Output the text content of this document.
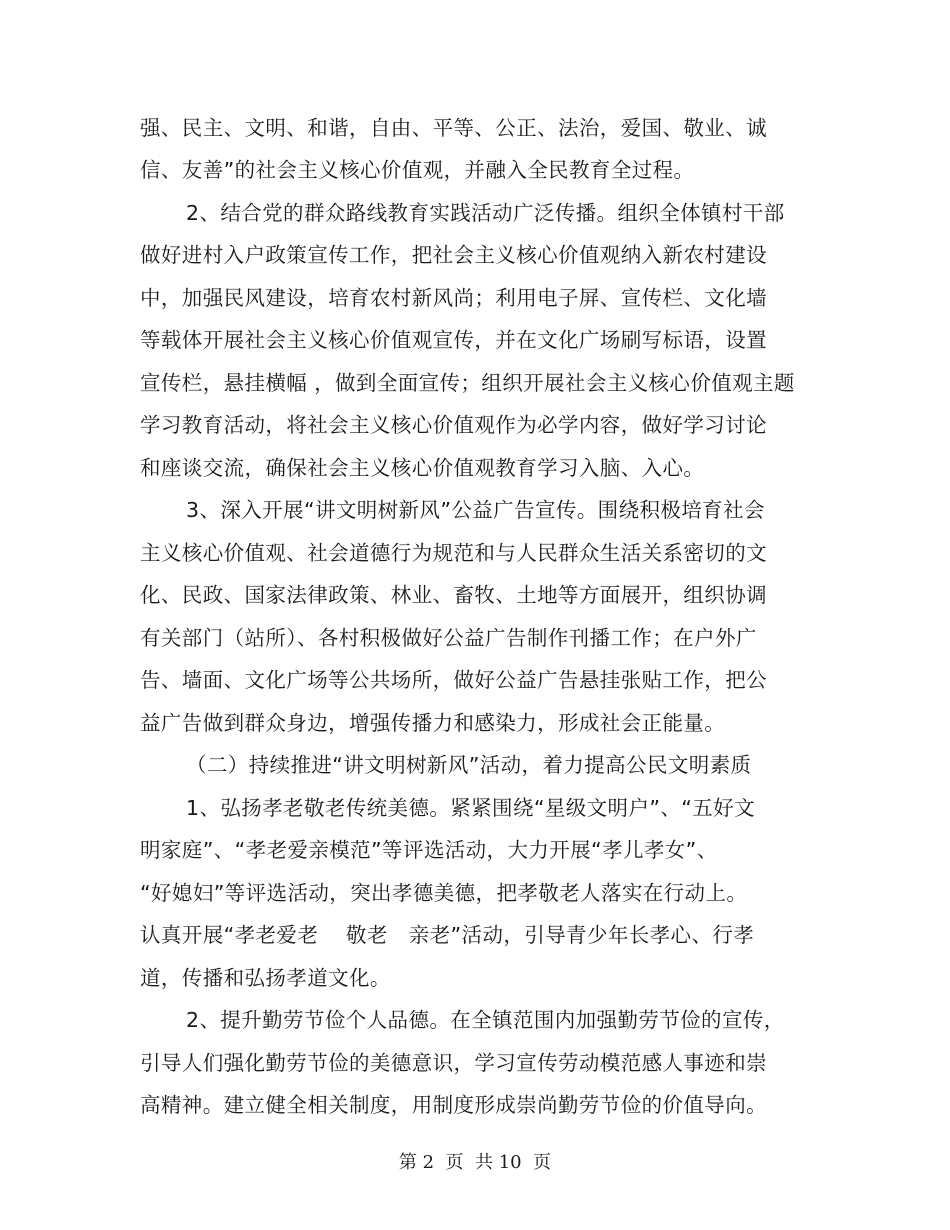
强、民主、文明、和谐，自由、平等、公正、法治，爱国、敬业、诚
信、友善”的社会主义核心价值观，并融入全民教育全过程。
2、结合党的群众路线教育实践活动广泛传播。组织全体镇村干部
做好进村入户政策宣传工作，把社会主义核心价值观纳入新农村建设
中，加强民风建设，培育农村新风尚；利用电子屏、宣传栏、文化墙
等载体开展社会主义核心价值观宣传，并在文化广场刷写标语，设置
宣传栏，悬挂横幅 ，做到全面宣传；组织开展社会主义核心价值观主题
学习教育活动，将社会主义核心价值观作为必学内容，做好学习讨论
和座谈交流，确保社会主义核心价值观教育学习入脑、入心。
3、深入开展“讲文明树新风”公益广告宣传。围绕积极培育社会
主义核心价值观、社会道德行为规范和与人民群众生活关系密切的文
化、民政、国家法律政策、林业、畜牧、土地等方面展开，组织协调
有关部门（站所）、各村积极做好公益广告制作刊播工作；在户外广
告、墙面、文化广场等公共场所，做好公益广告悬挂张贴工作，把公
益广告做到群众身边，增强传播力和感染力，形成社会正能量。
（二）持续推进“讲文明树新风”活动，着力提高公民文明素质
1、弘扬孝老敬老传统美德。紧紧围绕“星级文明户”、“五好文
明家庭”、“孝老爱亲模范”等评选活动，大力开展“孝儿孝女”、
“好媳妇”等评选活动，突出孝德美德，把孝敬老人落实在行动上。
认真开展“孝老爱老　 敬老　亲老”活动，引导青少年长孝心、行孝
道，传播和弘扬孝道文化。
2、提升勤劳节俭个人品德。在全镇范围内加强勤劳节俭的宣传，
引导人们强化勤劳节俭的美德意识，学习宣传劳动模范感人事迹和崇
高精神。建立健全相关制度，用制度形成崇尚勤劳节俭的价值导向。
第 2  页  共 10  页
